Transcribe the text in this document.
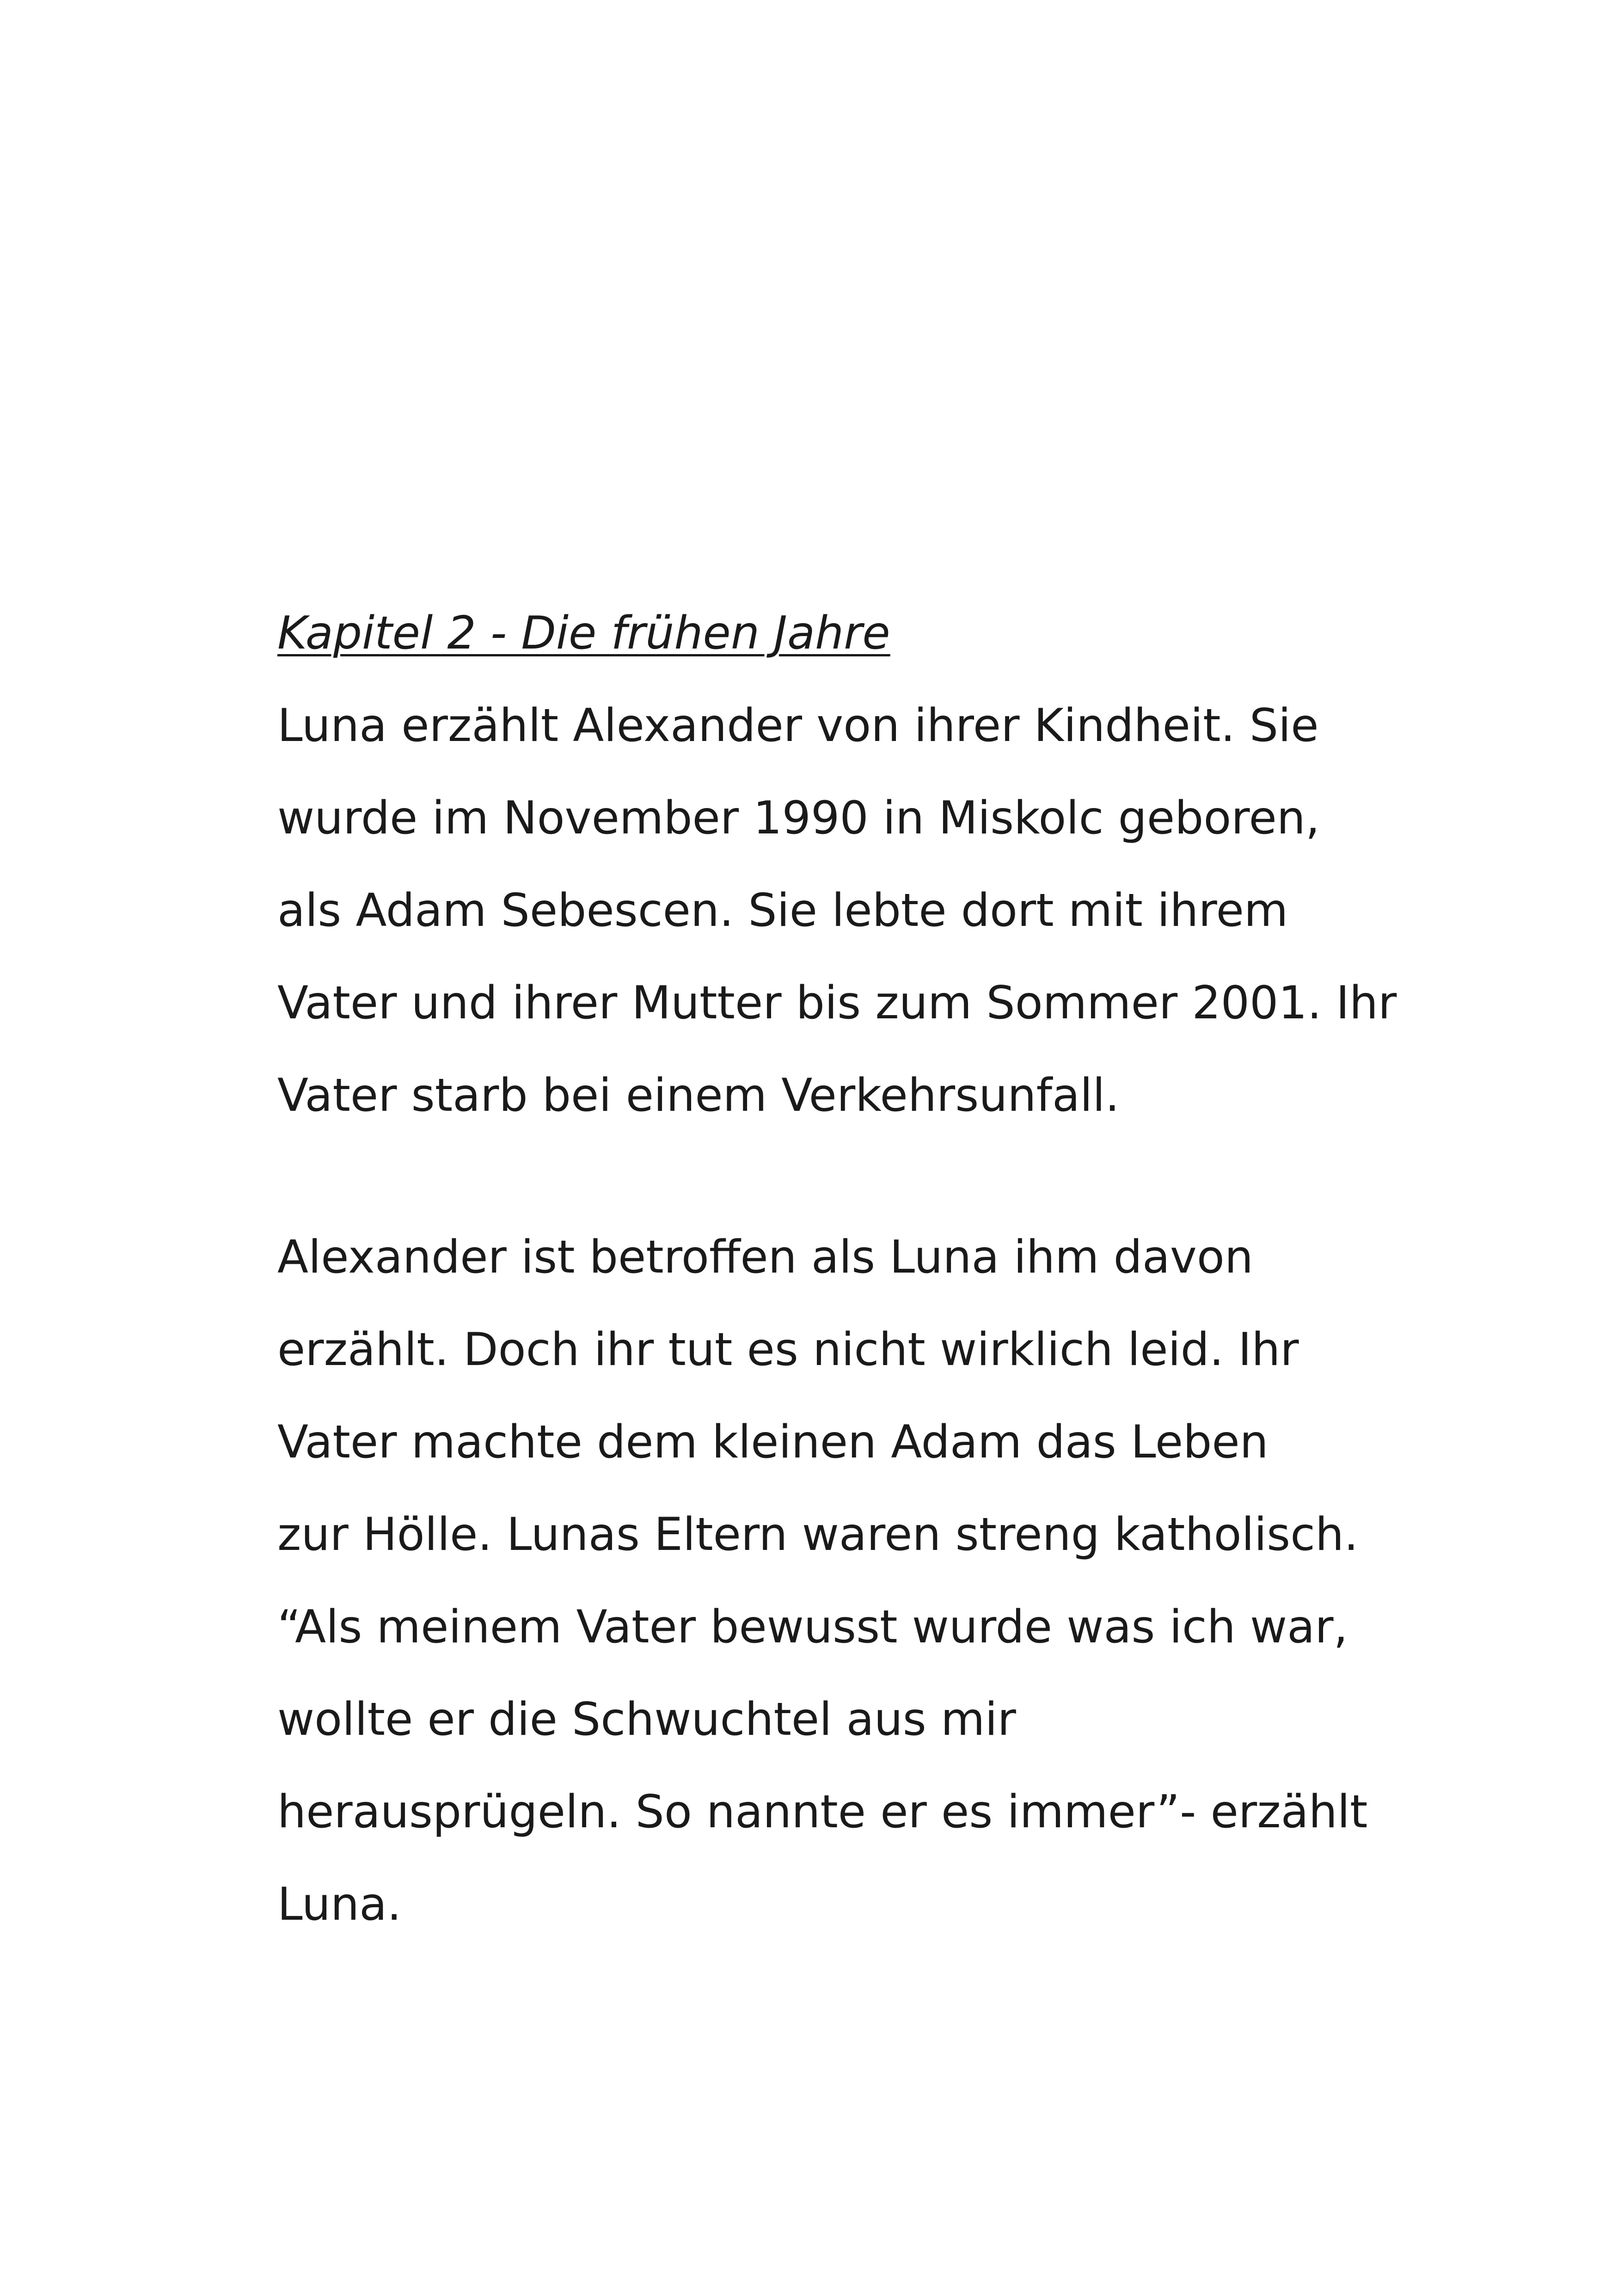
Kapitel 2 - Die frühen Jahre
Luna erzählt Alexander von ihrer Kindheit. Sie
wurde im November 1990 in Miskolc geboren,
als Adam Sebescen. Sie lebte dort mit ihrem
Vater und ihrer Mutter bis zum Sommer 2001. Ihr
Vater starb bei einem Verkehrsunfall.
Alexander ist betroffen als Luna ihm davon
erzählt. Doch ihr tut es nicht wirklich leid. Ihr
Vater machte dem kleinen Adam das Leben
zur Hölle. Lunas Eltern waren streng katholisch.
“Als meinem Vater bewusst wurde was ich war,
wollte er die Schwuchtel aus mir
herausprügeln. So nannte er es immer”- erzählt
Luna.
